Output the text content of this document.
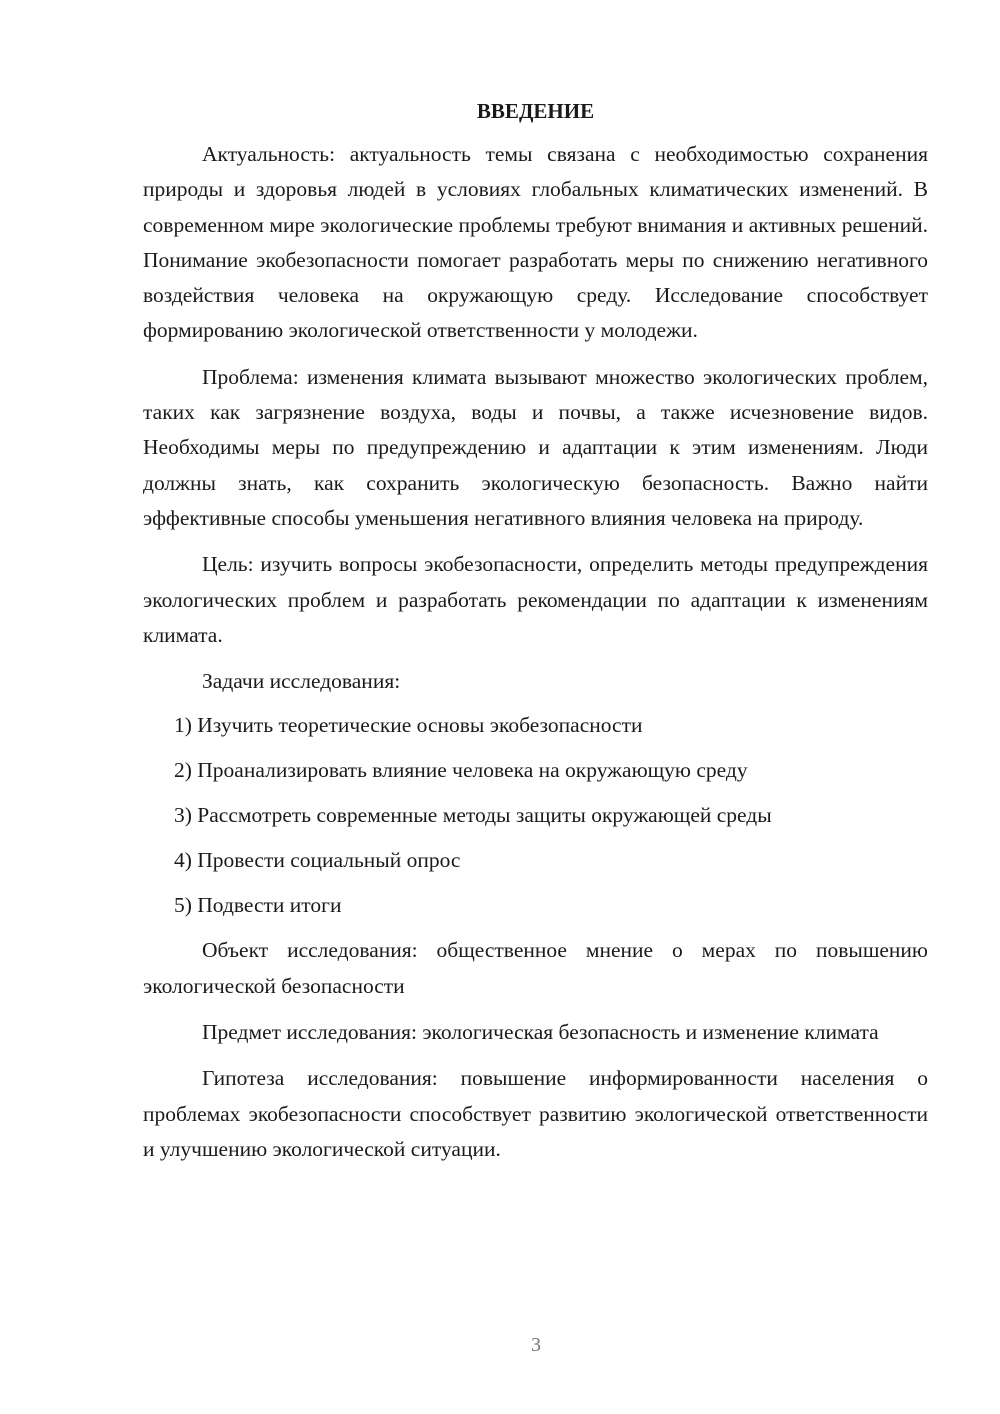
ВВЕДЕНИЕ

Актуальность: актуальность темы связана с необходимостью сохранения природы и здоровья людей в условиях глобальных климатических изменений. В современном мире экологические проблемы требуют внимания и активных решений. Понимание экобезопасности помогает разработать меры по снижению негативного воздействия человека на окружающую среду. Исследование способствует формированию экологической ответственности у молодежи.

Проблема: изменения климата вызывают множество экологических проблем, таких как загрязнение воздуха, воды и почвы, а также исчезновение видов. Необходимы меры по предупреждению и адаптации к этим изменениям. Люди должны знать, как сохранить экологическую безопасность. Важно найти эффективные способы уменьшения негативного влияния человека на природу.

Цель: изучить вопросы экобезопасности, определить методы предупреждения экологических проблем и разработать рекомендации по адаптации к изменениям климата.

Задачи исследования:
1) Изучить теоретические основы экобезопасности
2) Проанализировать влияние человека на окружающую среду
3) Рассмотреть современные методы защиты окружающей среды
4) Провести социальный опрос
5) Подвести итоги

Объект исследования: общественное мнение о мерах по повышению экологической безопасности

Предмет исследования: экологическая безопасность и изменение климата

Гипотеза исследования: повышение информированности населения о проблемах экобезопасности способствует развитию экологической ответственности и улучшению экологической ситуации.

3
